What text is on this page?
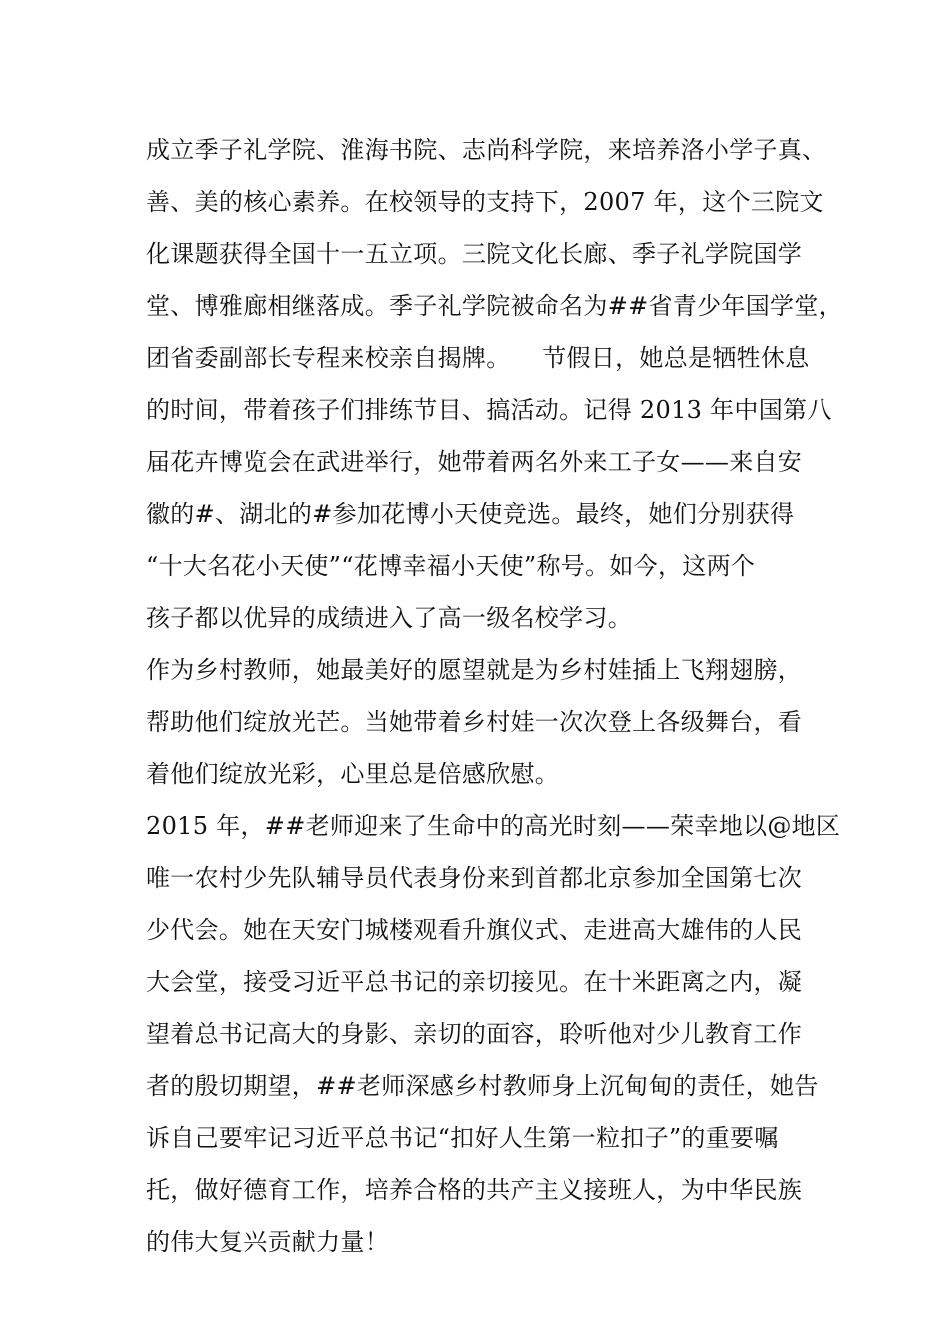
成立季子礼学院、淮海书院、志尚科学院，来培养洛小学子真、
善、美的核心素养。在校领导的支持下，2007 年，这个三院文
化课题获得全国十一五立项。三院文化长廊、季子礼学院国学
堂、博雅廊相继落成。季子礼学院被命名为##省青少年国学堂，
团省委副部长专程来校亲自揭牌。    节假日，她总是牺牲休息
的时间，带着孩子们排练节目、搞活动。记得 2013 年中国第八
届花卉博览会在武进举行，她带着两名外来工子女——来自安
徽的#、湖北的#参加花博小天使竞选。最终，她们分别获得
“十大名花小天使”“花博幸福小天使”称号。如今，这两个
孩子都以优异的成绩进入了高一级名校学习。
作为乡村教师，她最美好的愿望就是为乡村娃插上飞翔翅膀，
帮助他们绽放光芒。当她带着乡村娃一次次登上各级舞台，看
着他们绽放光彩，心里总是倍感欣慰。
2015 年，##老师迎来了生命中的高光时刻——荣幸地以@地区
唯一农村少先队辅导员代表身份来到首都北京参加全国第七次
少代会。她在天安门城楼观看升旗仪式、走进高大雄伟的人民
大会堂，接受习近平总书记的亲切接见。在十米距离之内，凝
望着总书记高大的身影、亲切的面容，聆听他对少儿教育工作
者的殷切期望，##老师深感乡村教师身上沉甸甸的责任，她告
诉自己要牢记习近平总书记“扣好人生第一粒扣子”的重要嘱
托，做好德育工作，培养合格的共产主义接班人，为中华民族
的伟大复兴贡献力量！
